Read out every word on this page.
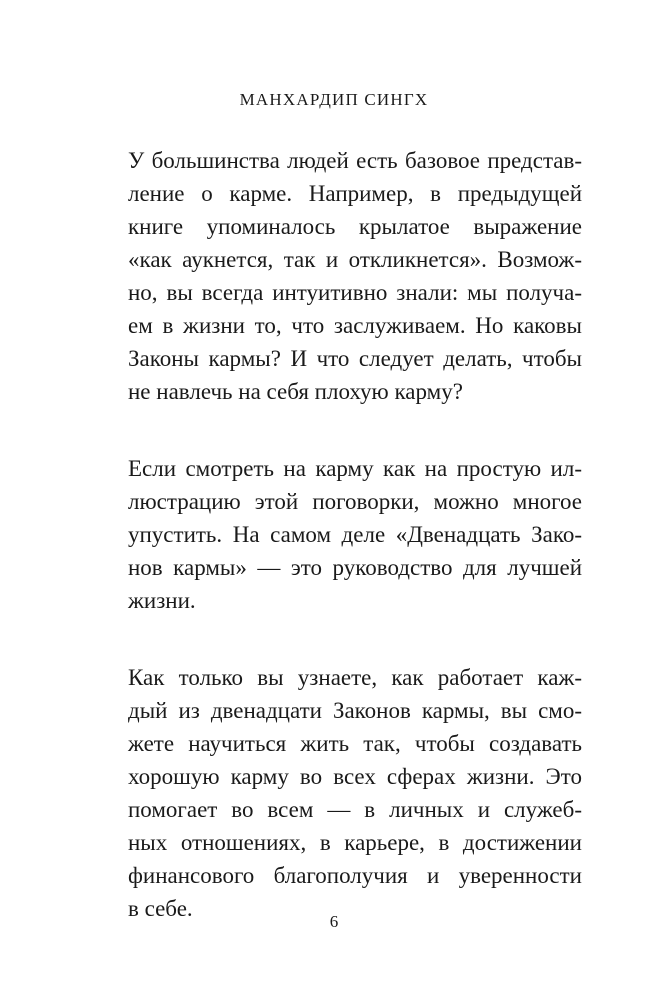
МАНХАРДИП СИНГХ

У большинства людей есть базовое представ-
ление о карме. Например, в предыдущей
книге упоминалось крылатое выражение
«как аукнется, так и откликнется». Возмож-
но, вы всегда интуитивно знали: мы получа-
ем в жизни то, что заслуживаем. Но каковы
Законы кармы? И что следует делать, чтобы
не навлечь на себя плохую карму?

Если смотреть на карму как на простую ил-
люстрацию этой поговорки, можно многое
упустить. На самом деле «Двенадцать Зако-
нов кармы» — это руководство для лучшей
жизни.

Как только вы узнаете, как работает каж-
дый из двенадцати Законов кармы, вы смо-
жете научиться жить так, чтобы создавать
хорошую карму во всех сферах жизни. Это
помогает во всем — в личных и служеб-
ных отношениях, в карьере, в достижении
финансового благополучия и уверенности
в себе.

6
